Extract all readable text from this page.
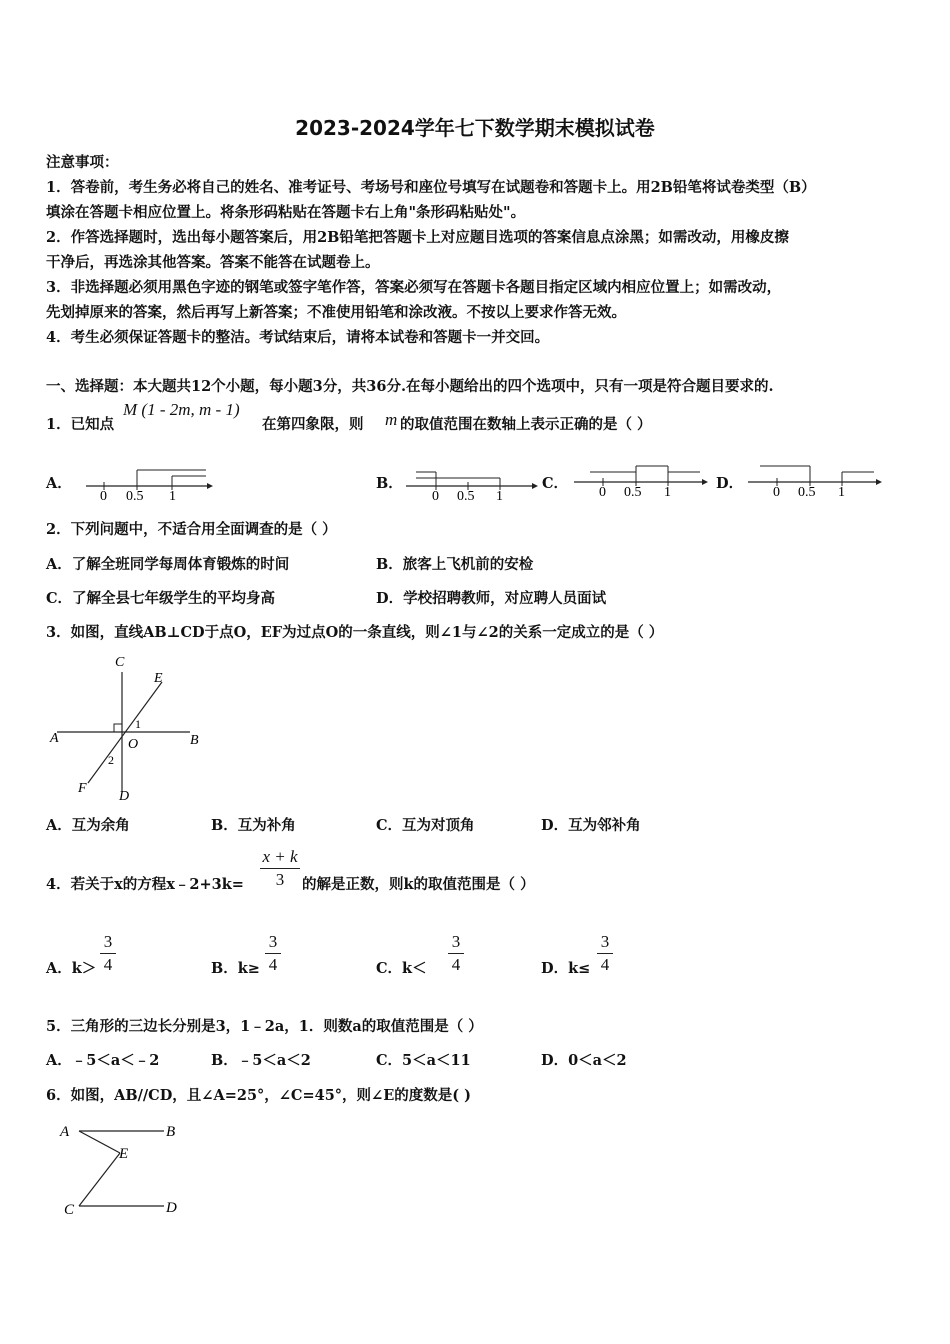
2023-2024学年七下数学期末模拟试卷
注意事项：
1．答卷前，考生务必将自己的姓名、准考证号、考场号和座位号填写在试题卷和答题卡上。用2B铅笔将试卷类型（B）
填涂在答题卡相应位置上。将条形码粘贴在答题卡右上角"条形码粘贴处"。
2．作答选择题时，选出每小题答案后，用2B铅笔把答题卡上对应题目选项的答案信息点涂黑；如需改动，用橡皮擦
干净后，再选涂其他答案。答案不能答在试题卷上。
3．非选择题必须用黑色字迹的钢笔或签字笔作答，答案必须写在答题卡各题目指定区域内相应位置上；如需改动，
先划掉原来的答案，然后再写上新答案；不准使用铅笔和涂改液。不按以上要求作答无效。
4．考生必须保证答题卡的整洁。考试结束后，请将本试卷和答题卡一并交回。
一、选择题：本大题共12个小题，每小题3分，共36分.在每小题给出的四个选项中，只有一项是符合题目要求的.
1．已知点
M (1 - 2m, m - 1)
在第四象限，则 m 的取值范围在数轴上表示正确的是（ ）
A．
0 0.5 1
B．
0 0.5 1
C．
0 0.5 1
D．
0 0.5 1
2．下列问题中，不适合用全面调查的是（ ）
A．了解全班同学每周体育锻炼的时间	B．旅客上飞机前的安检
C．了解全县七年级学生的平均身高	D．学校招聘教师，对应聘人员面试
3．如图，直线AB⊥CD于点O，EF为过点O的一条直线，则∠1与∠2的关系一定成立的是（ ）
A	B
C
D
E
F
O
1
2
A．互为余角	B．互为补角	C．互为对顶角	D．互为邻补角
4．若关于x的方程x﹣2+3k=
x + k
3	的解是正数，则k的取值范围是（ ）
A．k＞
3
4	B．k≥
3
4	C．k＜
3
4	D．k≤
3
4
5．三角形的三边长分别是3，1﹣2a，1．则数a的取值范围是（ ）
A．﹣5＜a＜﹣2	B．﹣5＜a＜2	C．5＜a＜11	D．0＜a＜2
6．如图，AB//CD，且∠A=25°，∠C=45°，则∠E的度数是( )
A	B
C	D
E
